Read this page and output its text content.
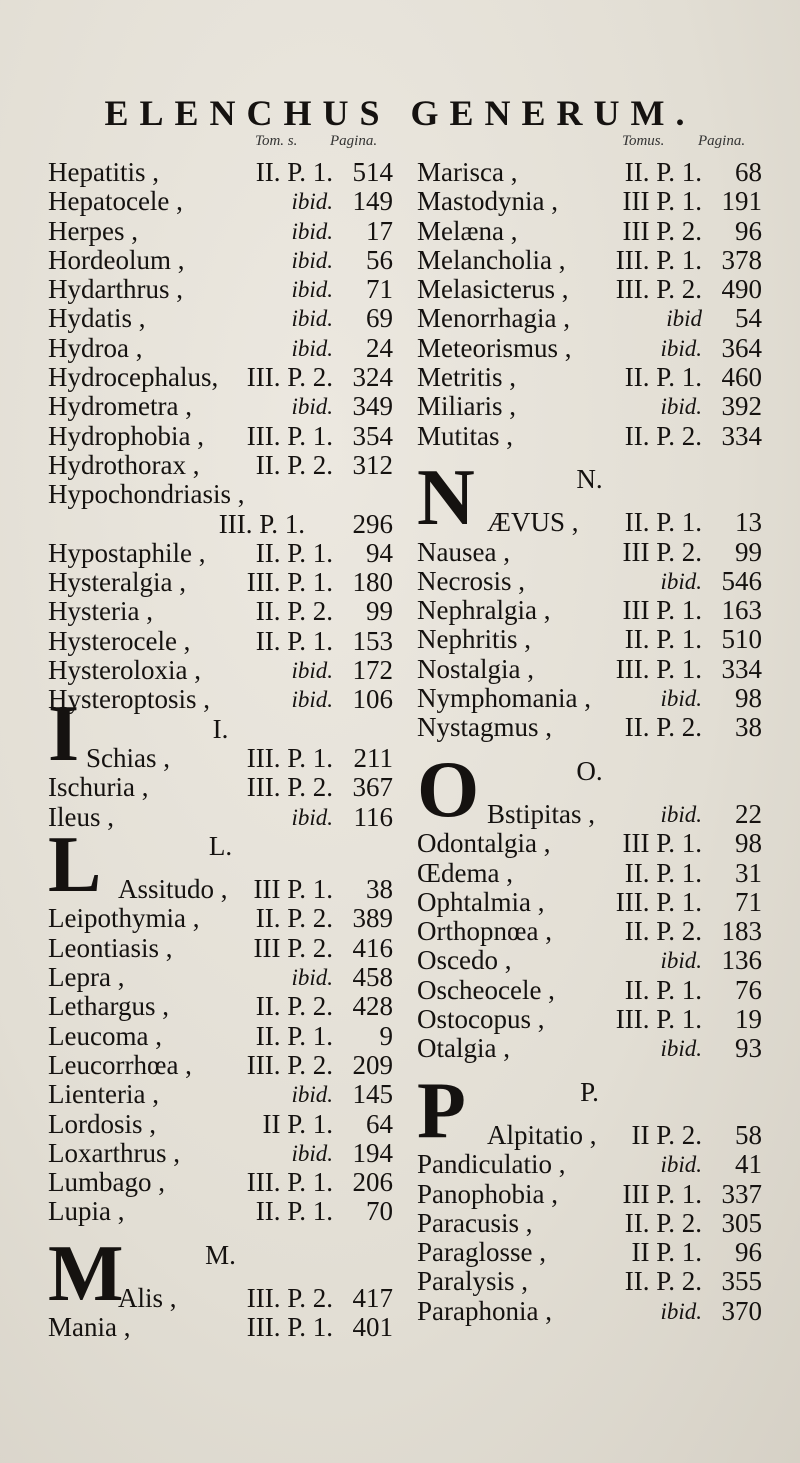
ELENCHUS GENERUM.
Tom. s. Pagina.	Tomus. Pagina.
Hepatitis ,	II. P. 1. 514
Hepatocele ,	ibid. 149
Herpes ,	ibid. 17
Hordeolum ,	ibid. 56
Hydarthrus ,	ibid. 71
Hydatis ,	ibid. 69
Hydroa ,	ibid. 24
Hydrocephalus, III. P. 2. 324
Hydrometra ,	ibid. 349
Hydrophobia , III. P. 1. 354
Hydrothorax , II. P. 2. 312
Hypochondriasis ,
III. P. 1. 296
Hypostaphile , II. P. 1. 94
Hysteralgia , III. P. 1. 180
Hysteria ,	II. P. 2. 99
Hysterocele , II. P. 1. 153
Hysteroloxia ,	ibid. 172
Hysteroptosis ,	ibid. 106
I.
I Schias ,	III. P. 1. 211
Ischuria ,	III. P. 2. 367
Ileus ,	ibid. 116
L.
L Assitudo , III P. 1. 38
Leipothymia , II. P. 2. 389
Leontiasis ,	III P. 2. 416
Lepra ,	ibid. 458
Lethargus ,	II. P. 2. 428
Leucoma ,	II. P. 1. 9
Leucorrhœa , III. P. 2. 209
Lienteria ,	ibid. 145
Lordosis ,	II P. 1. 64
Loxarthrus ,	ibid. 194
Lumbago ,	III. P. 1. 206
Lupia ,	II. P. 1. 70
M.
M
Alis ,	III. P. 2. 417
Mania ,	III. P. 1. 401
Marisca ,	II. P. 1. 68
Mastodynia , III P. 1. 191
Melæna ,	III P. 2. 96
Melancholia , III. P. 1. 378
Melasicterus , III. P. 2. 490
Menorrhagia ,	ibid 54
Meteorismus ,	ibid. 364
Metritis ,	II. P. 1. 460
Miliaris ,	ibid. 392
Mutitas ,	II. P. 2. 334
N.
N ÆVUS , II. P. 1. 13
Nausea ,	III P. 2. 99
Necrosis ,	ibid. 546
Nephralgia ,	III P. 1. 163
Nephritis ,	II. P. 1. 510
Nostalgia ,	III. P. 1. 334
Nymphomania ,	ibid. 98
Nystagmus ,	II. P. 2. 38
O.
O Bstipitas ,	ibid. 22
Odontalgia ,	III P. 1. 98
Œdema ,	II. P. 1. 31
Ophtalmia ,	III. P. 1. 71
Orthopnœa ,	II. P. 2. 183
Oscedo ,	ibid. 136
Oscheocele ,	II. P. 1. 76
Ostocopus ,	III. P. 1. 19
Otalgia ,	ibid. 93
P.
P Alpitatio , II P. 2. 58
Pandiculatio ,	ibid. 41
Panophobia , III P. 1. 337
Paracusis ,	II. P. 2. 305
Paraglosse ,	II P. 1. 96
Paralysis ,	II. P. 2. 355
Paraphonia ,	ibid. 370
